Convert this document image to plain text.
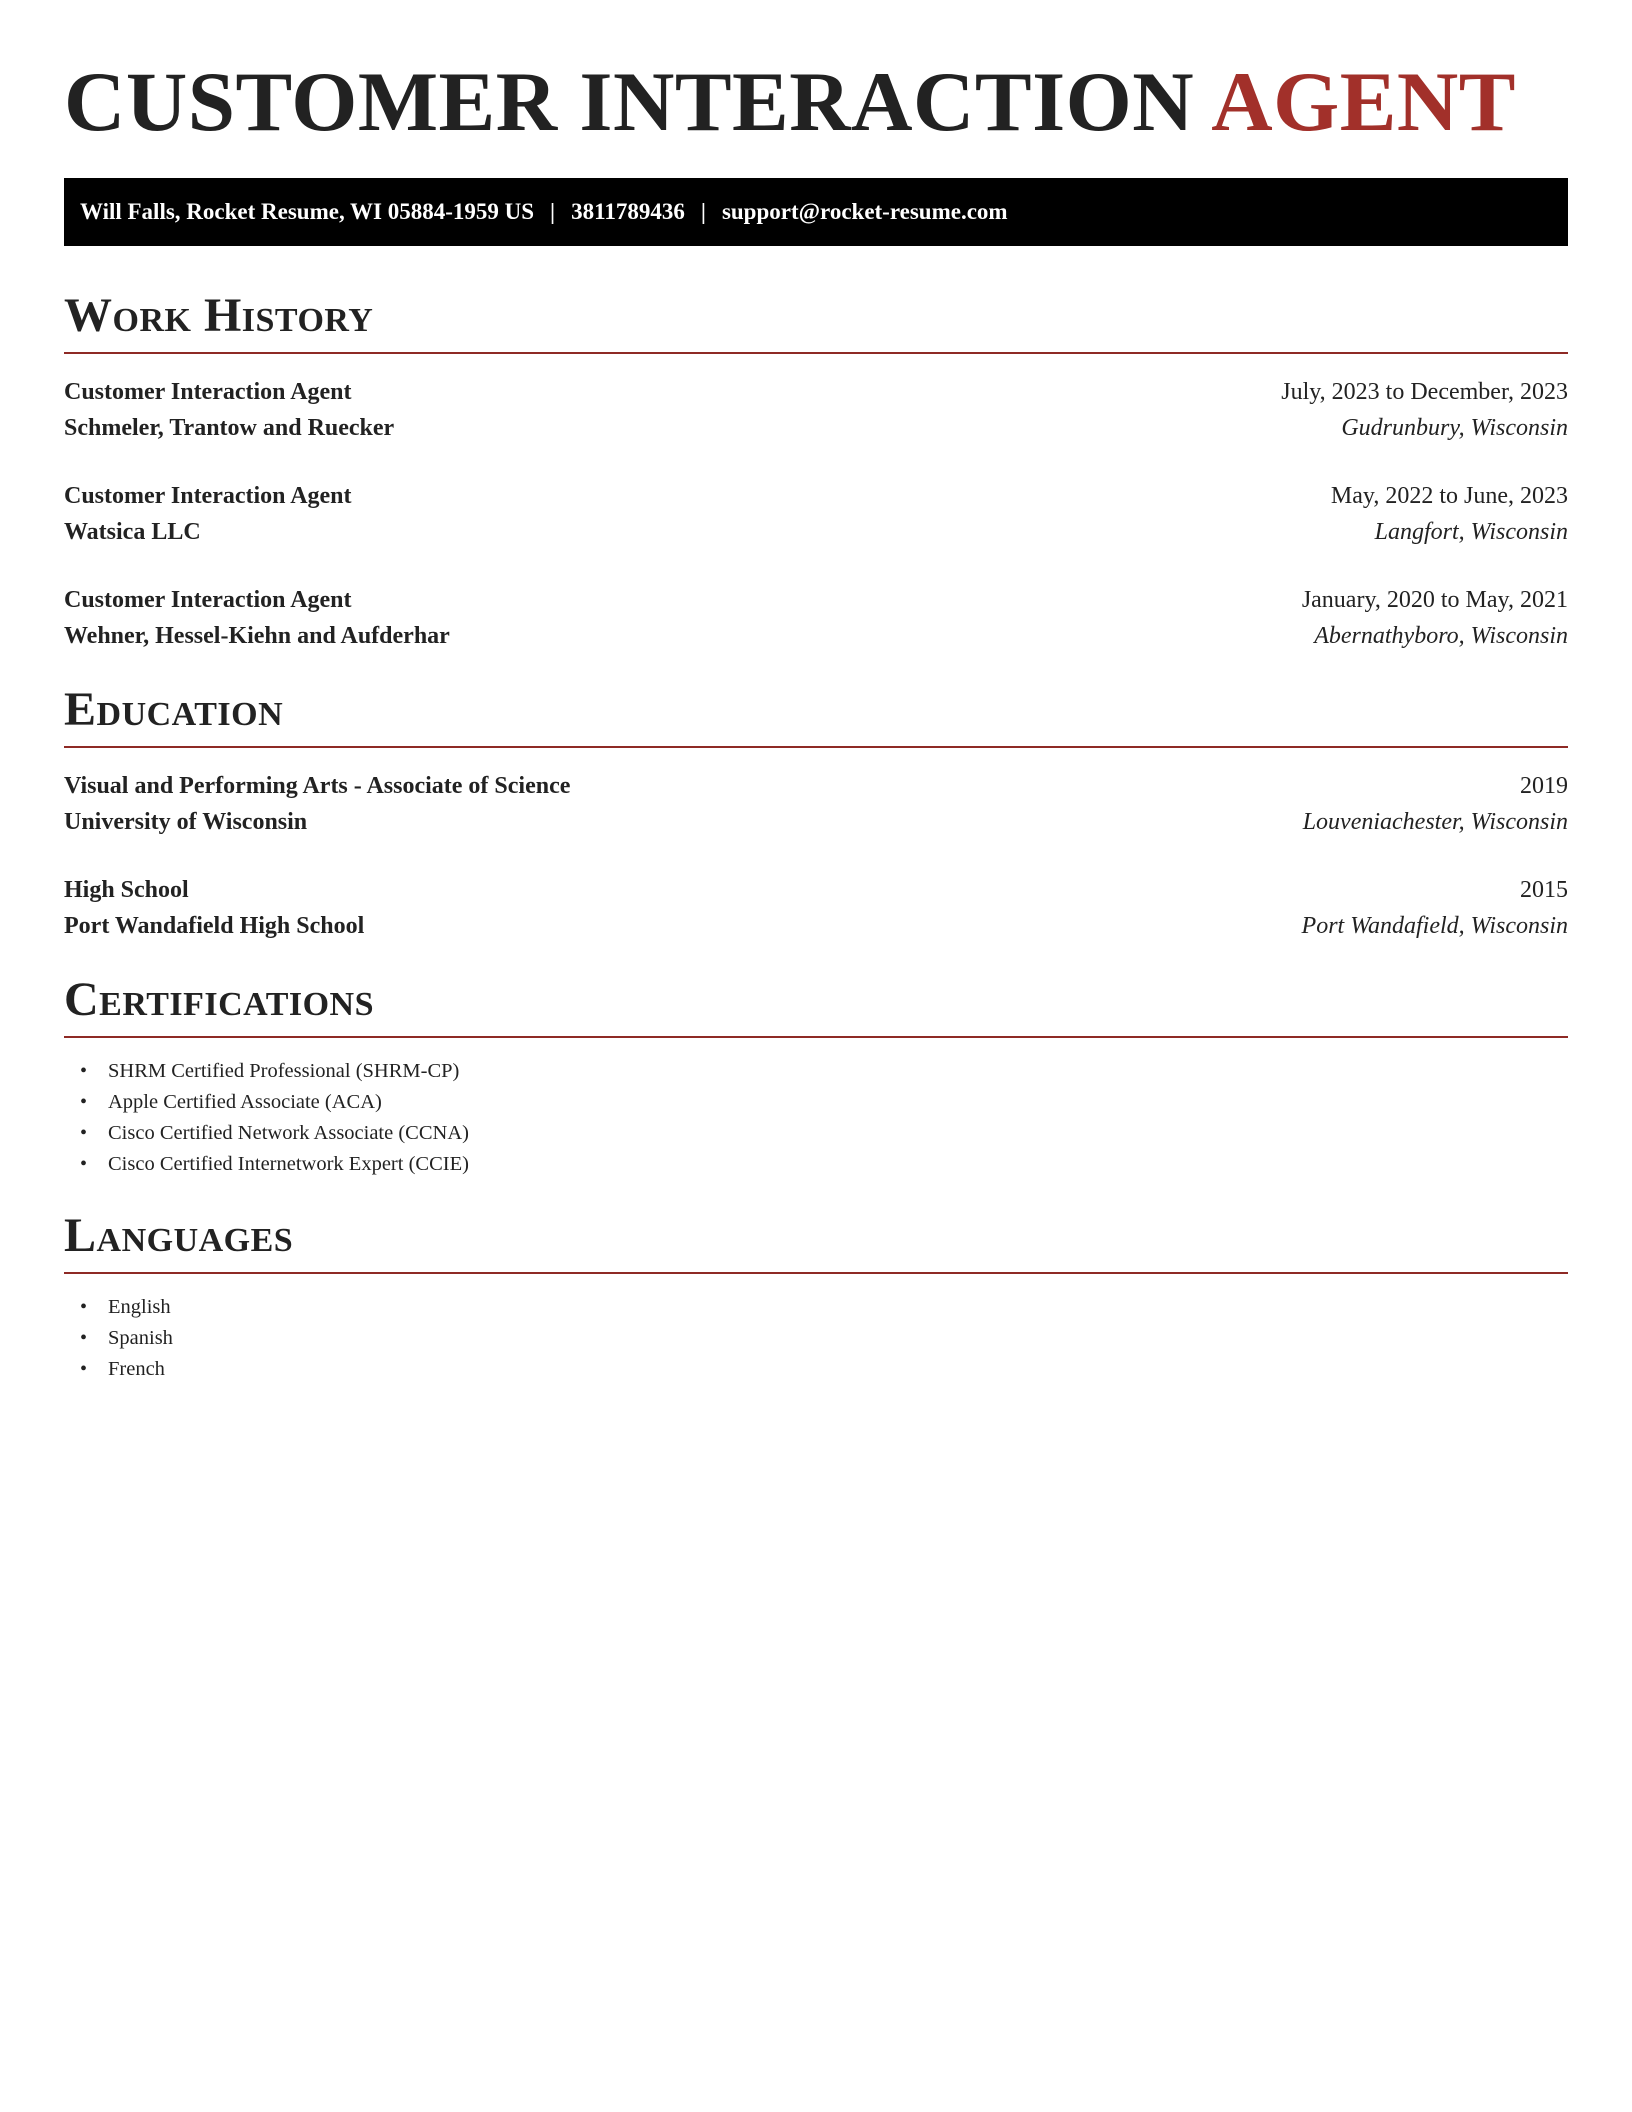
CUSTOMER INTERACTION AGENT
Will Falls, Rocket Resume, WI 05884-1959 US | 3811789436 | support@rocket-resume.com
Work History
Customer Interaction Agent	July, 2023 to December, 2023
Schmeler, Trantow and Ruecker	Gudrunbury, Wisconsin
Customer Interaction Agent	May, 2022 to June, 2023
Watsica LLC	Langfort, Wisconsin
Customer Interaction Agent	January, 2020 to May, 2021
Wehner, Hessel-Kiehn and Aufderhar	Abernathyboro, Wisconsin
Education
Visual and Performing Arts - Associate of Science	2019
University of Wisconsin	Louveniachester, Wisconsin
High School	2015
Port Wandafield High School	Port Wandafield, Wisconsin
Certifications
• SHRM Certified Professional (SHRM-CP)
• Apple Certified Associate (ACA)
• Cisco Certified Network Associate (CCNA)
• Cisco Certified Internetwork Expert (CCIE)
Languages
• English
• Spanish
• French
